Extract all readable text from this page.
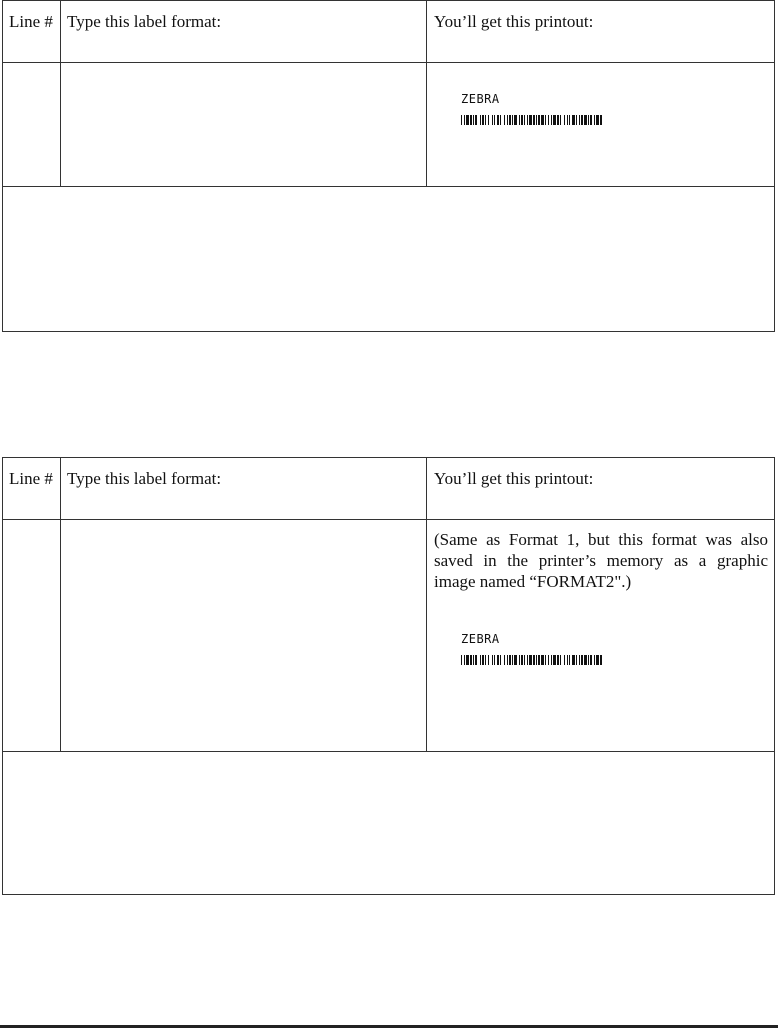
Line # Type this label format:	You’ll get this printout:
ZEBRA
Line # Type this label format:	You’ll get this printout:
(Same as Format 1, but this format was also saved in the printer’s memory as a graphic image named “FORMAT2".)
ZEBRA
